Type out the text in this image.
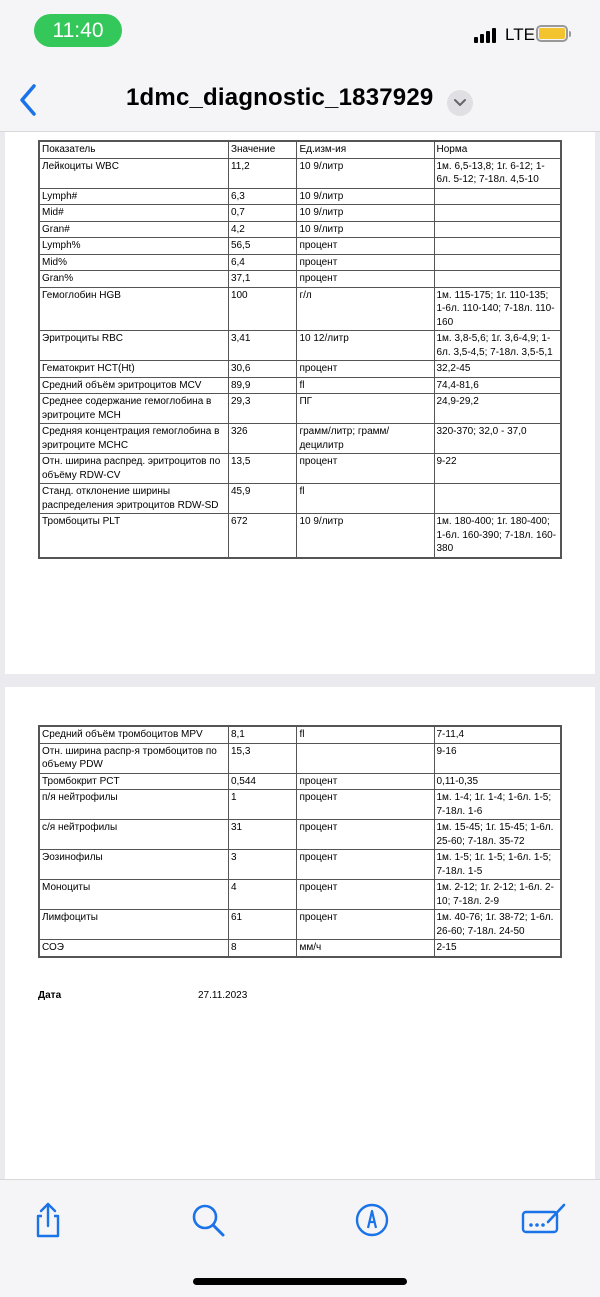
11:40	LTE
1dmc_diagnostic_1837929
Показатель	Значение	Ед.изм-ия	Норма
Лейкоциты WBC	11,2	10 9/литр	1м. 6,5-13,8; 1г. 6-12; 1-6л. 5-12; 7-18л. 4,5-10
Lymph#	6,3	10 9/литр	
Mid#	0,7	10 9/литр	
Gran#	4,2	10 9/литр	
Lymph%	56,5	процент	
Mid%	6,4	процент	
Gran%	37,1	процент	
Гемоглобин HGB	100	г/л	1м. 115-175; 1г. 110-135; 1-6л. 110-140; 7-18л. 110-160
Эритроциты RBC	3,41	10 12/литр	1м. 3,8-5,6; 1г. 3,6-4,9; 1-6л. 3,5-4,5; 7-18л. 3,5-5,1
Гематокрит HCT(Ht)	30,6	процент	32,2-45
Средний объём эритроцитов MCV	89,9	fl	74,4-81,6
Среднее содержание гемоглобина в эритроците MCH	29,3	ПГ	24,9-29,2
Средняя концентрация гемоглобина в эритроците MCHC	326	грамм/литр; грамм/децилитр	320-370; 32,0 - 37,0
Отн. ширина распред. эритроцитов по объёму RDW-CV	13,5	процент	9-22
Станд. отклонение ширины распределения эритроцитов RDW-SD	45,9	fl	
Тромбоциты PLT	672	10 9/литр	1м. 180-400; 1г. 180-400; 1-6л. 160-390; 7-18л. 160-380
Средний объём тромбоцитов MPV	8,1	fl	7-11,4
Отн. ширина распр-я тромбоцитов по объему PDW	15,3		9-16
Тромбокрит PCT	0,544	процент	0,11-0,35
п/я нейтрофилы	1	процент	1м. 1-4; 1г. 1-4; 1-6л. 1-5; 7-18л. 1-6
с/я нейтрофилы	31	процент	1м. 15-45; 1г. 15-45; 1-6л. 25-60; 7-18л. 35-72
Эозинофилы	3	процент	1м. 1-5; 1г. 1-5; 1-6л. 1-5; 7-18л. 1-5
Моноциты	4	процент	1м. 2-12; 1г. 2-12; 1-6л. 2-10; 7-18л. 2-9
Лимфоциты	61	процент	1м. 40-76; 1г. 38-72; 1-6л. 26-60; 7-18л. 24-50
СОЭ	8	мм/ч	2-15
Дата	27.11.2023
